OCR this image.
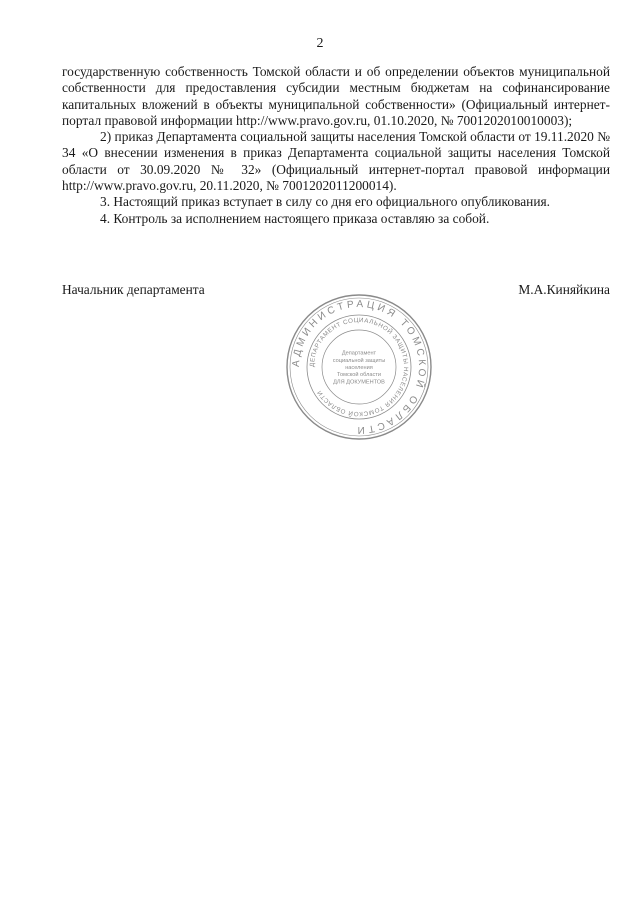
2

государственную собственность Томской области и об определении объектов муниципальной собственности для предоставления субсидии местным бюджетам на софинансирование капитальных вложений в объекты муниципальной собственности» (Официальный интернет-портал правовой информации http://www.pravo.gov.ru, 01.10.2020, № 7001202010010003);

2) приказ Департамента социальной защиты населения Томской области от 19.11.2020 № 34 «О внесении изменения в приказ Департамента социальной защиты населения Томской области от 30.09.2020 № 32» (Официальный интернет-портал правовой информации http://www.pravo.gov.ru, 20.11.2020, № 7001202011200014).

3. Настоящий приказ вступает в силу со дня его официального опубликования.

4. Контроль за исполнением настоящего приказа оставляю за собой.

Начальник департамента	М.А.Киняйкина
АДМИНИСТРАЦИЯ ТОМСКОЙ ОБЛАСТИ
ДЕПАРТАМЕНТ СОЦИАЛЬНОЙ ЗАЩИТЫ НАСЕЛЕНИЯ ТОМСКОЙ ОБЛАСТИ
Департамент
социальной защиты
населения
Томской области
ДЛЯ ДОКУМЕНТОВ
